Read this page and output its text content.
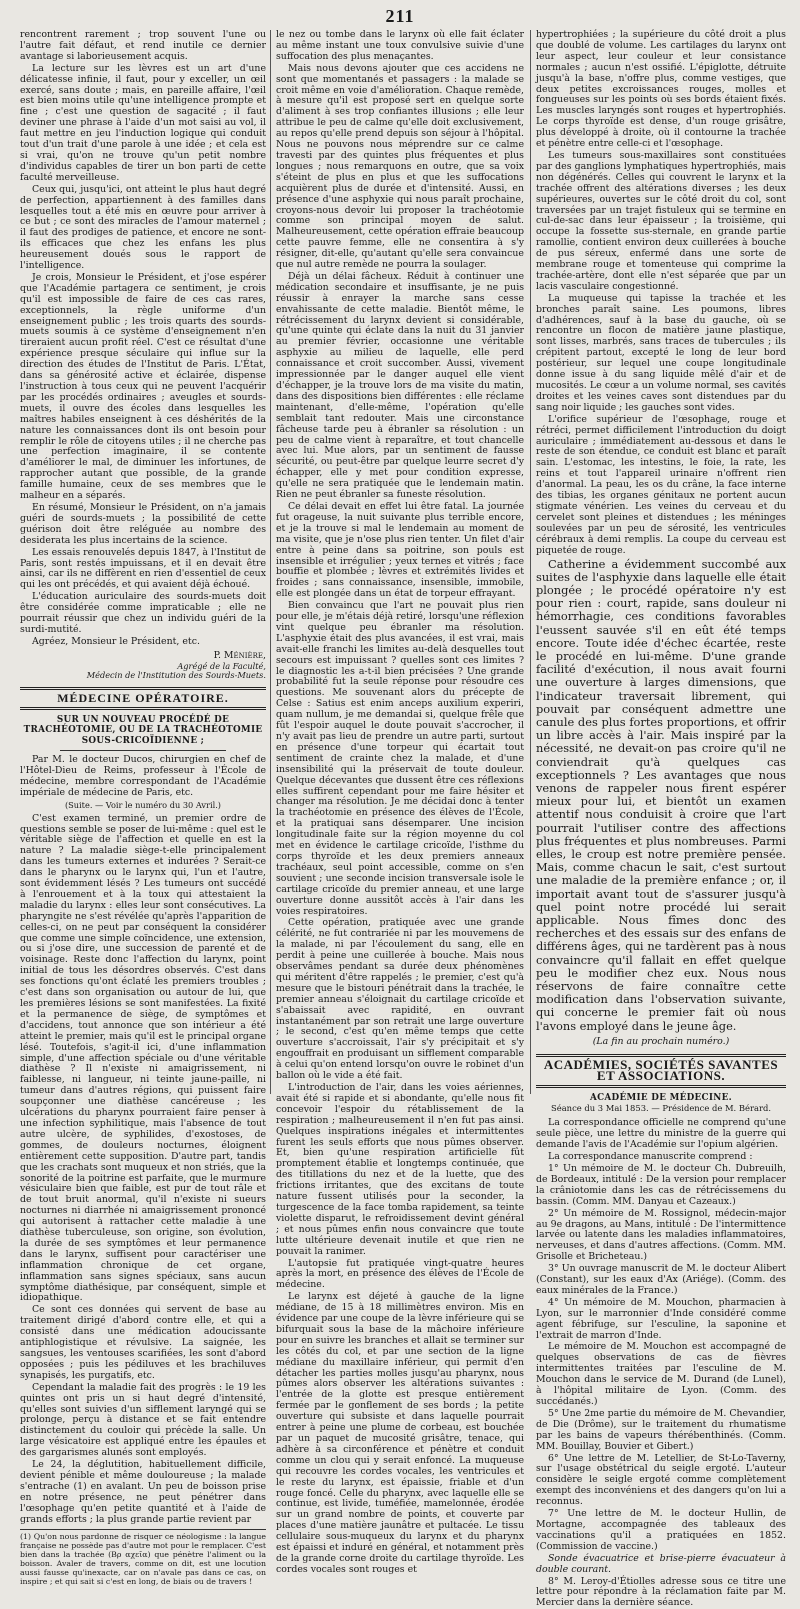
211

rencontrent rarement ; trop souvent l'une ou l'autre fait défaut, et rend inutile ce dernier avantage si laborieusement acquis.

La lecture sur les lèvres est un art d'une délicatesse infinie, il faut, pour y exceller, un œil exercé, sans doute ; mais, en pareille affaire, l'œil est bien moins utile qu'une intelligence prompte et fine ; c'est une question de sagacité ; il faut deviner une phrase à l'aide d'un mot saisi au vol, il faut mettre en jeu l'induction logique qui conduit tout d'un trait d'une parole à une idée ; et cela est si vrai, qu'on ne trouve qu'un petit nombre d'individus capables de tirer un bon parti de cette faculté merveilleuse.

Ceux qui, jusqu'ici, ont atteint le plus haut degré de perfection, appartiennent à des familles dans lesquelles tout a été mis en œuvre pour arriver à ce but ; ce sont des miracles de l'amour maternel ; il faut des prodiges de patience, et encore ne sont-ils efficaces que chez les enfans les plus heureusement doués sous le rapport de l'intelligence.

Je crois, Monsieur le Président, et j'ose espérer que l'Académie partagera ce sentiment, je crois qu'il est impossible de faire de ces cas rares, exceptionnels, la règle uniforme d'un enseignement public ; les trois quarts des sourds-muets soumis à ce système d'enseignement n'en tireraient aucun profit réel. C'est ce résultat d'une expérience presque séculaire qui influe sur la direction des études de l'Institut de Paris. L'État, dans sa générosité active et éclairée, dispense l'instruction à tous ceux qui ne peuvent l'acquérir par les procédés ordinaires ; aveugles et sourds-muets, il ouvre des écoles dans lesquelles les maîtres habiles enseignent à ces déshérités de la nature les connaissances dont ils ont besoin pour remplir le rôle de citoyens utiles ; il ne cherche pas une perfection imaginaire, il se contente d'améliorer le mal, de diminuer les infortunes, de rapprocher autant que possible, de la grande famille humaine, ceux de ses membres que le malheur en a séparés.

En résumé, Monsieur le Président, on n'a jamais guéri de sourds-muets ; la possibilité de cette guérison doit être reléguée au nombre des desiderata les plus incertains de la science.

Les essais renouvelés depuis 1847, à l'Institut de Paris, sont restés impuissans, et il en devait être ainsi, car ils ne diffèrent en rien d'essentiel de ceux qui les ont précédés, et qui avaient déjà échoué.

L'éducation auriculaire des sourds-muets doit être considérée comme impraticable ; elle ne pourrait réussir que chez un individu guéri de la surdi-mutité.

Agréez, Monsieur le Président, etc.

P. Ménière,
Agrégé de la Faculté,
Médecin de l'Institution des Sourds-Muets.
MÉDECINE OPÉRATOIRE.
SUR UN NOUVEAU PROCÉDÉ DE TRACHÉOTOMIE, OU DE LA TRACHÉOTOMIE SOUS-CRICOÏDIENNE ;

Par M. le docteur Ducos, chirurgien en chef de l'Hôtel-Dieu de Reims, professeur à l'École de médecine, membre correspondant de l'Académie impériale de médecine de Paris, etc.

(Suite. — Voir le numéro du 30 Avril.)

C'est examen terminé, un premier ordre de questions semble se poser de lui-même : quel est le véritable siège de l'affection et quelle en est la nature ? La maladie siège-t-elle principalement dans les tumeurs externes et indurées ? Serait-ce dans le pharynx ou le larynx qui, l'un et l'autre, sont évidemment lésés ? Les tumeurs ont succédé à l'enrouement et à la toux qui attestaient la maladie du larynx : elles leur sont consécutives. La pharyngite ne s'est révélée qu'après l'apparition de celles-ci, on ne peut par conséquent la considérer que comme une simple coïncidence, une extension, ou si j'ose dire, une succession de parenté et de voisinage. Reste donc l'affection du larynx, point initial de tous les désordres observés. C'est dans ses fonctions qu'ont éclaté les premiers troubles ; c'est dans son organisation ou autour de lui, que les premières lésions se sont manifestées. La fixité et la permanence de siège, de symptômes et d'accidens, tout annonce que son intérieur a été atteint le premier, mais qu'il est le principal organe lésé. Toutefois, s'agit-il ici, d'une inflammation simple, d'une affection spéciale ou d'une véritable diathèse ? Il n'existe ni amaigrissement, ni faiblesse, ni langueur, ni teinte jaune-paille, ni tumeur dans d'autres régions, qui puissent faire soupçonner une diathèse cancéreuse ; les ulcérations du pharynx pourraient faire penser à une infection syphilitique, mais l'absence de tout autre ulcère, de syphilides, d'exostoses, de gommes, de douleurs nocturnes, éloignent entièrement cette supposition. D'autre part, tandis que les crachats sont muqueux et non striés, que la sonorité de la poitrine est parfaite, que le murmure vésiculaire bien que faible, est pur de tout râle et de tout bruit anormal, qu'il n'existe ni sueurs nocturnes ni diarrhée ni amaigrissement prononcé qui autorisent à rattacher cette maladie à une diathèse tuberculeuse, son origine, son évolution, la durée de ses symptômes et leur permanence dans le larynx, suffisent pour caractériser une inflammation chronique de cet organe, inflammation sans signes spéciaux, sans aucun symptôme diathésique, par conséquent, simple et idiopathique.

Ce sont ces données qui servent de base au traitement dirigé d'abord contre elle, et qui a consisté dans une médication adoucissante antiphlogistique et révulsive. La saignée, les sangsues, les ventouses scarifiées, les sont d'abord opposées ; puis les pédiluves et les brachiluves synapisés, les purgatifs, etc.

Cependant la maladie fait des progrès : le 19 les quintes ont pris un si haut degré d'intensité, qu'elles sont suivies d'un sifflement laryngé qui se prolonge, perçu à distance et se fait entendre distinctement du couloir qui précède la salle. Un large vésicatoire est appliqué entre les épaules et des gargarismes alunés sont employés.

Le 24, la déglutition, habituellement difficile, devient pénible et même douloureuse ; la malade s'entrache (1) en avalant. Un peu de boisson prise en notre présence, ne peut pénétrer dans l'œsophage qu'en petite quantité et à l'aide de grands efforts ; la plus grande partie revient par

(1) Qu'on nous pardonne de risquer ce néologisme : la langue française ne possède pas d'autre mot pour le remplacer. C'est bien dans la trachée (Bρ αχεῖα) que pénètre l'aliment ou la boisson. Avaler de travers, comme on dit, est une locution aussi fausse qu'inexacte, car on n'avale pas dans ce cas, on inspire ; et qui sait si c'est en long, de biais ou de travers !

le nez ou tombe dans le larynx où elle fait éclater au même instant une toux convulsive suivie d'une suffocation des plus menaçantes.

Mais nous devons ajouter que ces accidens ne sont que momentanés et passagers : la malade se croit même en voie d'amélioration. Chaque remède, à mesure qu'il est proposé sert en quelque sorte d'aliment à ses trop confiantes illusions ; elle leur attribue le peu de calme qu'elle doit exclusivement, au repos qu'elle prend depuis son séjour à l'hôpital. Nous ne pouvons nous méprendre sur ce calme travesti par des quintes plus fréquentes et plus longues ; nous remarquons en outre, que sa voix s'éteint de plus en plus et que les suffocations acquièrent plus de durée et d'intensité. Aussi, en présence d'une asphyxie qui nous paraît prochaine, croyons-nous devoir lui proposer la trachéotomie comme son principal moyen de salut. Malheureusement, cette opération effraie beaucoup cette pauvre femme, elle ne consentira à s'y résigner, dit-elle, qu'autant qu'elle sera convaincue que nul autre remède ne pourra la soulager.

Déjà un délai fâcheux. Réduit à continuer une médication secondaire et insuffisante, je ne puis réussir à enrayer la marche sans cesse envahissante de cette maladie. Bientôt même, le rétrécissement du larynx devient si considérable, qu'une quinte qui éclate dans la nuit du 31 janvier au premier février, occasionne une véritable asphyxie au milieu de laquelle, elle perd connaissance et croit succomber. Aussi, vivement impressionnée par le danger auquel elle vient d'échapper, je la trouve lors de ma visite du matin, dans des dispositions bien différentes : elle réclame maintenant, d'elle-même, l'opération qu'elle semblait tant redouter. Mais une circonstance fâcheuse tarde peu à ébranler sa résolution : un peu de calme vient à reparaître, et tout chancelle avec lui. Mue alors, par un sentiment de fausse sécurité, ou peut-être par quelque leurre secret d'y échapper, elle y met pour condition expresse, qu'elle ne sera pratiquée que le lendemain matin. Rien ne peut ébranler sa funeste résolution.

Ce délai devait en effet lui être fatal. La journée fut orageuse, la nuit suivante plus terrible encore, et je la trouve si mal le lendemain au moment de ma visite, que je n'ose plus rien tenter. Un filet d'air entre à peine dans sa poitrine, son pouls est insensible et irrégulier ; yeux ternes et vitrés ; face bouffie et plombée ; lèvres et extrémités livides et froides ; sans connaissance, insensible, immobile, elle est plongée dans un état de torpeur effrayant.

Bien convaincu que l'art ne pouvait plus rien pour elle, je m'étais déjà retiré, lorsqu'une réflexion vint quelque peu ébranler ma résolution. L'asphyxie était des plus avancées, il est vrai, mais avait-elle franchi les limites au-delà desquelles tout secours est impuissant ? quelles sont ces limites ? le diagnostic les a-t-il bien précisées ? Une grande probabilité fut la seule réponse pour résoudre ces questions. Me souvenant alors du précepte de Celse : Satius est enim anceps auxilium experiri, quam nullum, je me demandai si, quelque frêle que fût l'espoir auquel le doute pouvait s'accrocher, il n'y avait pas lieu de prendre un autre parti, surtout en présence d'une torpeur qui écartait tout sentiment de crainte chez la malade, et d'une insensibilité qui la préservait de toute douleur. Quelque décevantes que dussent être ces réflexions elles suffirent cependant pour me faire hésiter et changer ma résolution. Je me décidai donc à tenter la trachéotomie en présence des élèves de l'École, et la pratiquai sans désemparer. Une incision longitudinale faite sur la région moyenne du col met en évidence le cartilage cricoïde, l'isthme du corps thyroïde et les deux premiers anneaux trachéaux, seul point accessible, comme on s'en souvient ; une seconde incision transversale isole le cartilage cricoïde du premier anneau, et une large ouverture donne aussitôt accès à l'air dans les voies respiratoires.

Cette opération, pratiquée avec une grande célérité, ne fut contrariée ni par les mouvemens de la malade, ni par l'écoulement du sang, elle en perdit à peine une cuillerée à bouche. Mais nous observâmes pendant sa durée deux phénomènes qui méritent d'être rappelés ; le premier, c'est qu'à mesure que le bistouri pénétrait dans la trachée, le premier anneau s'éloignait du cartilage cricoïde et s'abaissait avec rapidité, en ouvrant instantanément par son retrait une large ouverture ; le second, c'est qu'en même temps que cette ouverture s'accroissait, l'air s'y précipitait et s'y engouffrait en produisant un sifflement comparable à celui qu'on entend lorsqu'on ouvre le robinet d'un ballon où le vide a été fait.

L'introduction de l'air, dans les voies aériennes, avait été si rapide et si abondante, qu'elle nous fit concevoir l'espoir du rétablissement de la respiration ; malheureusement il n'en fut pas ainsi. Quelques inspirations inégales et intermittentes furent les seuls efforts que nous pûmes observer. Et, bien qu'une respiration artificielle fût promptement établie et longtemps continuée, que des titillations du nez et de la luette, que des frictions irritantes, que des excitans de toute nature fussent utilisés pour la seconder, la turgescence de la face tomba rapidement, sa teinte violette disparut, le refroidissement devint général ; et nous pûmes enfin nous convaincre que toute lutte ultérieure devenait inutile et que rien ne pouvait la ranimer.

L'autopsie fut pratiquée vingt-quatre heures après la mort, en présence des élèves de l'École de médecine.

Le larynx est déjeté à gauche de la ligne médiane, de 15 à 18 millimètres environ. Mis en évidence par une coupe de la lèvre inférieure qui se bifurquait sous la base de la mâchoire inférieure pour en suivre les branches et allait se terminer sur les côtés du col, et par une section de la ligne médiane du maxillaire inférieur, qui permit d'en détacher les parties molles jusqu'au pharynx, nous pûmes alors observer les altérations suivantes : l'entrée de la glotte est presque entièrement fermée par le gonflement de ses bords ; la petite ouverture qui subsiste et dans laquelle pourrait entrer à peine une plume de corbeau, est bouchée par un paquet de mucosité grisâtre, tenace, qui adhère à sa circonférence et pénètre et conduit comme un clou qui y serait enfoncé. La muqueuse qui recouvre les cordes vocales, les ventricules et le reste du larynx, est épaissie, friable et d'un rouge foncé. Celle du pharynx, avec laquelle elle se continue, est livide, tuméfiée, mamelonnée, érodée sur un grand nombre de points, et couverte par places d'une matière jaunâtre et pultacée. Le tissu cellulaire sous-muqueux du larynx et du pharynx est épaissi et induré en général, et notamment près de la grande corne droite du cartilage thyroïde. Les cordes vocales sont rouges et

hypertrophiées ; la supérieure du côté droit a plus que doublé de volume. Les cartilages du larynx ont leur aspect, leur couleur et leur consistance normales ; aucun n'est ossifié. L'épiglotte, détruite jusqu'à la base, n'offre plus, comme vestiges, que deux petites excroissances rouges, molles et fongueuses sur les points où ses bords étaient fixés. Les muscles laryngés sont rouges et hypertrophiés. Le corps thyroïde est dense, d'un rouge grisâtre, plus développé à droite, où il contourne la trachée et pénètre entre celle-ci et l'œsophage.

Les tumeurs sous-maxillaires sont constituées par des ganglions lymphatiques hypertrophiés, mais non dégénérés. Celles qui couvrent le larynx et la trachée offrent des altérations diverses ; les deux supérieures, ouvertes sur le côté droit du col, sont traversées par un trajet fistuleux qui se termine en cul-de-sac dans leur épaisseur ; la troisième, qui occupe la fossette sus-sternale, en grande partie ramollie, contient environ deux cuillerées à bouche de pus séreux, enfermé dans une sorte de membrane rouge et tomenteuse qui comprime la trachée-artère, dont elle n'est séparée que par un lacis vasculaire congestionné.

La muqueuse qui tapisse la trachée et les bronches paraît saine. Les poumons, libres d'adhérences, sauf à la base du gauche, où se rencontre un flocon de matière jaune plastique, sont lisses, marbrés, sans traces de tubercules ; ils crépitent partout, excepté le long de leur bord postérieur, sur lequel une coupe longitudinale donne issue à du sang liquide mêlé d'air et de mucosités. Le cœur a un volume normal, ses cavités droites et les veines caves sont distendues par du sang noir liquide ; les gauches sont vides.

L'orifice supérieur de l'œsophage, rouge et rétréci, permet difficilement l'introduction du doigt auriculaire ; immédiatement au-dessous et dans le reste de son étendue, ce conduit est blanc et paraît sain. L'estomac, les intestins, le foie, la rate, les reins et tout l'appareil urinaire n'offrent rien d'anormal. La peau, les os du crâne, la face interne des tibias, les organes génitaux ne portent aucun stigmate vénérien. Les veines du cerveau et du cervelet sont pleines et distendues ; les méninges soulevées par un peu de sérosité, les ventricules cérébraux à demi remplis. La coupe du cerveau est piquetée de rouge.

Catherine a évidemment succombé aux suites de l'asphyxie dans laquelle elle était plongée ; le procédé opératoire n'y est pour rien : court, rapide, sans douleur ni hémorrhagie, ces conditions favorables l'eussent sauvée s'il en eût été temps encore. Toute idée d'échec écartée, reste le procédé en lui-même. D'une grande facilité d'exécution, il nous avait fourni une ouverture à larges dimensions, que l'indicateur traversait librement, qui pouvait par conséquent admettre une canule des plus fortes proportions, et offrir un libre accès à l'air. Mais inspiré par la nécessité, ne devait-on pas croire qu'il ne conviendrait qu'à quelques cas exceptionnels ? Les avantages que nous venons de rappeler nous firent espérer mieux pour lui, et bientôt un examen attentif nous conduisit à croire que l'art pourrait l'utiliser contre des affections plus fréquentes et plus nombreuses. Parmi elles, le croup est notre première pensée. Mais, comme chacun le sait, c'est surtout une maladie de la première enfance ; or, il importait avant tout de s'assurer jusqu'à quel point notre procédé lui serait applicable. Nous fîmes donc des recherches et des essais sur des enfans de différens âges, qui ne tardèrent pas à nous convaincre qu'il fallait en effet quelque peu le modifier chez eux. Nous nous réservons de faire connaître cette modification dans l'observation suivante, qui concerne le premier fait où nous l'avons employé dans le jeune âge.

(La fin au prochain numéro.)
ACADÉMIES, SOCIÉTÉS SAVANTES ET ASSOCIATIONS.
ACADÉMIE DE MÉDECINE.
Séance du 3 Mai 1853. — Présidence de M. Bérard.

La correspondance officielle ne comprend qu'une seule pièce, une lettre du ministre de la guerre qui demande l'avis de l'Académie sur l'opium algérien.

La correspondance manuscrite comprend :

1° Un mémoire de M. le docteur Ch. Dubreuilh, de Bordeaux, intitulé : De la version pour remplacer la crâniotomie dans les cas de rétrécissemens du bassin. (Comm. MM. Danyau et Cazeaux.)

2° Un mémoire de M. Rossignol, médecin-major au 9e dragons, au Mans, intitulé : De l'intermittence larvée ou latente dans les maladies inflammatoires, nerveuses, et dans d'autres affections. (Comm. MM. Grisolle et Bricheteau.)

3° Un ouvrage manuscrit de M. le docteur Alibert (Constant), sur les eaux d'Ax (Ariége). (Comm. des eaux minérales de la France.)

4° Un mémoire de M. Mouchon, pharmacien à Lyon, sur le marronnier d'Inde considéré comme agent fébrifuge, sur l'esculine, la saponine et l'extrait de marron d'Inde.

Le mémoire de M. Mouchon est accompagné de quelques observations de cas de fièvres intermittentes traitées par l'esculine de M. Mouchon dans le service de M. Durand (de Lunel), à l'hôpital militaire de Lyon. (Comm. des succédanés.)

5° Une 2me partie du mémoire de M. Chevandier, de Die (Drôme), sur le traitement du rhumatisme par les bains de vapeurs thérébenthinés. (Comm. MM. Bouillay, Bouvier et Gibert.)

6° Une lettre de M. Letellier, de St-Lo-Taverny, sur l'usage obstétrical du seigle ergoté. L'auteur considère le seigle ergoté comme complètement exempt des inconvéniens et des dangers qu'on lui a reconnus.

7° Une lettre de M. le docteur Hullin, de Mortagne, accompagnée des tableaux des vaccinations qu'il a pratiquées en 1852. (Commission de vaccine.)

Sonde évacuatrice et brise-pierre évacuateur à double courant.

8° M. Leroy-d'Étiolles adresse sous ce titre une lettre pour répondre à la réclamation faite par M. Mercier dans la dernière séance.
